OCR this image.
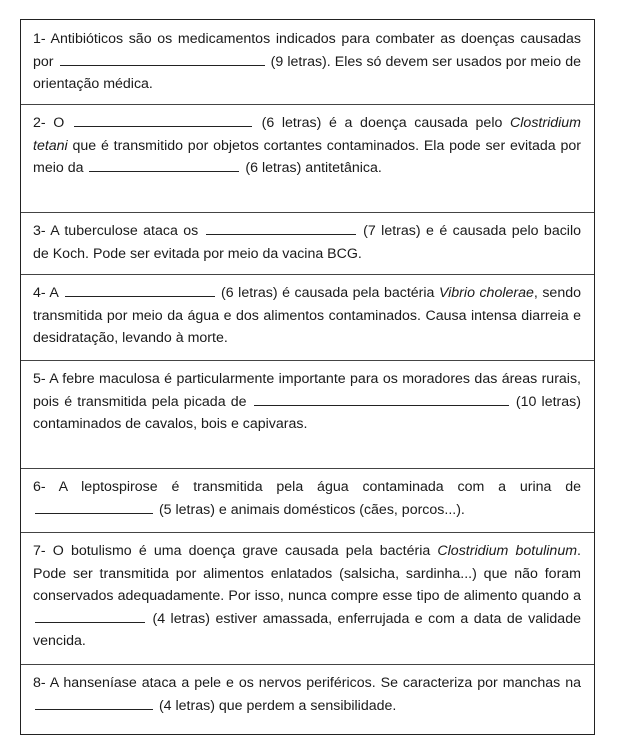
1- Antibióticos são os medicamentos indicados para combater as doenças causadas por	(9 letras). Eles só devem ser usados por meio de orientação médica.

2- O	(6 letras) é a doença causada pelo Clostridium tetani que é transmitido por objetos cortantes contaminados. Ela pode ser evitada por meio da	(6 letras) antitetânica.

3- A tuberculose ataca os	(7 letras) e é causada pelo bacilo de Koch. Pode ser evitada por meio da vacina BCG.

4- A	(6 letras) é causada pela bactéria Vibrio cholerae, sendo transmitida por meio da água e dos alimentos contaminados. Causa intensa diarreia e desidratação, levando à morte.

5- A febre maculosa é particularmente importante para os moradores das áreas rurais, pois é transmitida pela picada de	(10 letras) contaminados de cavalos, bois e capivaras.

6- A leptospirose é transmitida pela água contaminada com a urina de  (5 letras) e animais domésticos (cães, porcos...).

7- O botulismo é uma doença grave causada pela bactéria Clostridium botulinum. Pode ser transmitida por alimentos enlatados (salsicha, sardinha...) que não foram conservados adequadamente. Por isso, nunca compre esse tipo de alimento quando a  (4 letras) estiver amassada, enferrujada e com a data de validade vencida.

8- A hanseníase ataca a pele e os nervos periféricos. Se caracteriza por manchas na  (4 letras) que perdem a sensibilidade.
